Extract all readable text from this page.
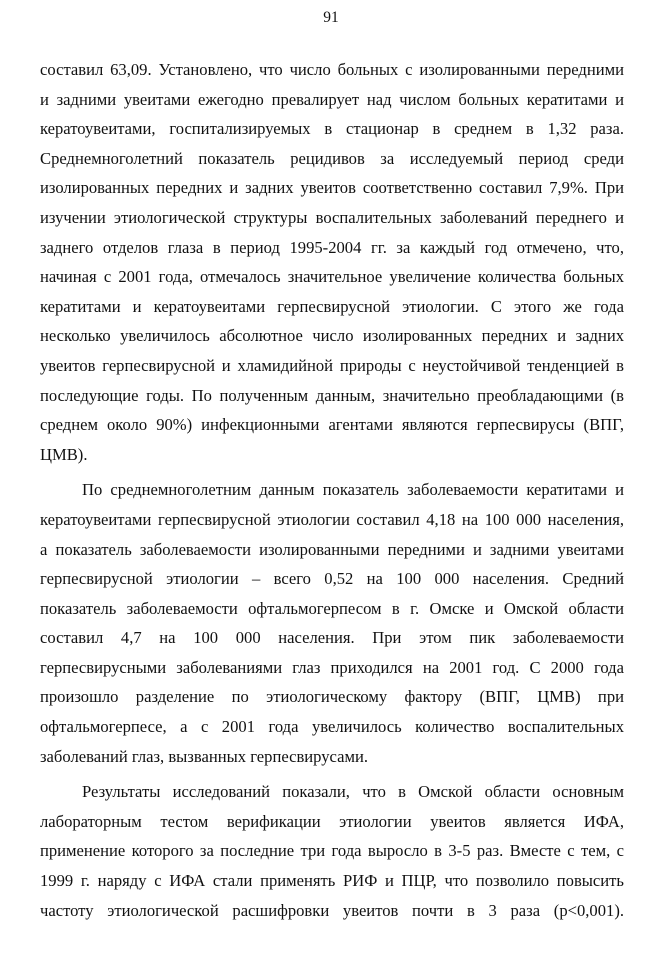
91
составил 63,09. Установлено, что число больных с изолированными передними
и задними увеитами ежегодно превалирует над числом больных кератитами и
кератоувеитами, госпитализируемых в стационар в среднем в 1,32 раза.
Среднемноголетний показатель рецидивов за исследуемый период среди
изолированных передних и задних увеитов соответственно составил 7,9%. При
изучении этиологической структуры воспалительных заболеваний переднего и
заднего отделов глаза в период 1995-2004 гг. за каждый год отмечено, что,
начиная с 2001 года, отмечалось значительное увеличение количества больных
кератитами и кератоувеитами герпесвирусной этиологии. С этого же года
несколько увеличилось абсолютное число изолированных передних и задних
увеитов герпесвирусной и хламидийной природы с неустойчивой тенденцией в
последующие годы. По полученным данным, значительно преобладающими (в
среднем около 90%) инфекционными агентами являются герпесвирусы (ВПГ,
ЦМВ).
По среднемноголетним данным показатель заболеваемости кератитами и
кератоувеитами герпесвирусной этиологии составил 4,18 на 100 000 населения,
а показатель заболеваемости изолированными передними и задними увеитами
герпесвирусной этиологии – всего 0,52 на 100 000 населения. Средний
показатель заболеваемости офтальмогерпесом в г. Омске и Омской области
составил 4,7 на 100 000 населения. При этом пик заболеваемости
герпесвирусными заболеваниями глаз приходился на 2001 год. С 2000 года
произошло разделение по этиологическому фактору (ВПГ, ЦМВ) при
офтальмогерпесе, а с 2001 года увеличилось количество воспалительных
заболеваний глаз, вызванных герпесвирусами.
Результаты исследований показали, что в Омской области основным
лабораторным тестом верификации этиологии увеитов является ИФА,
применение которого за последние три года выросло в 3-5 раз. Вместе с тем, с
1999 г. наряду с ИФА стали применять РИФ и ПЦР, что позволило повысить
частоту этиологической расшифровки увеитов почти в 3 раза (p<0,001).
